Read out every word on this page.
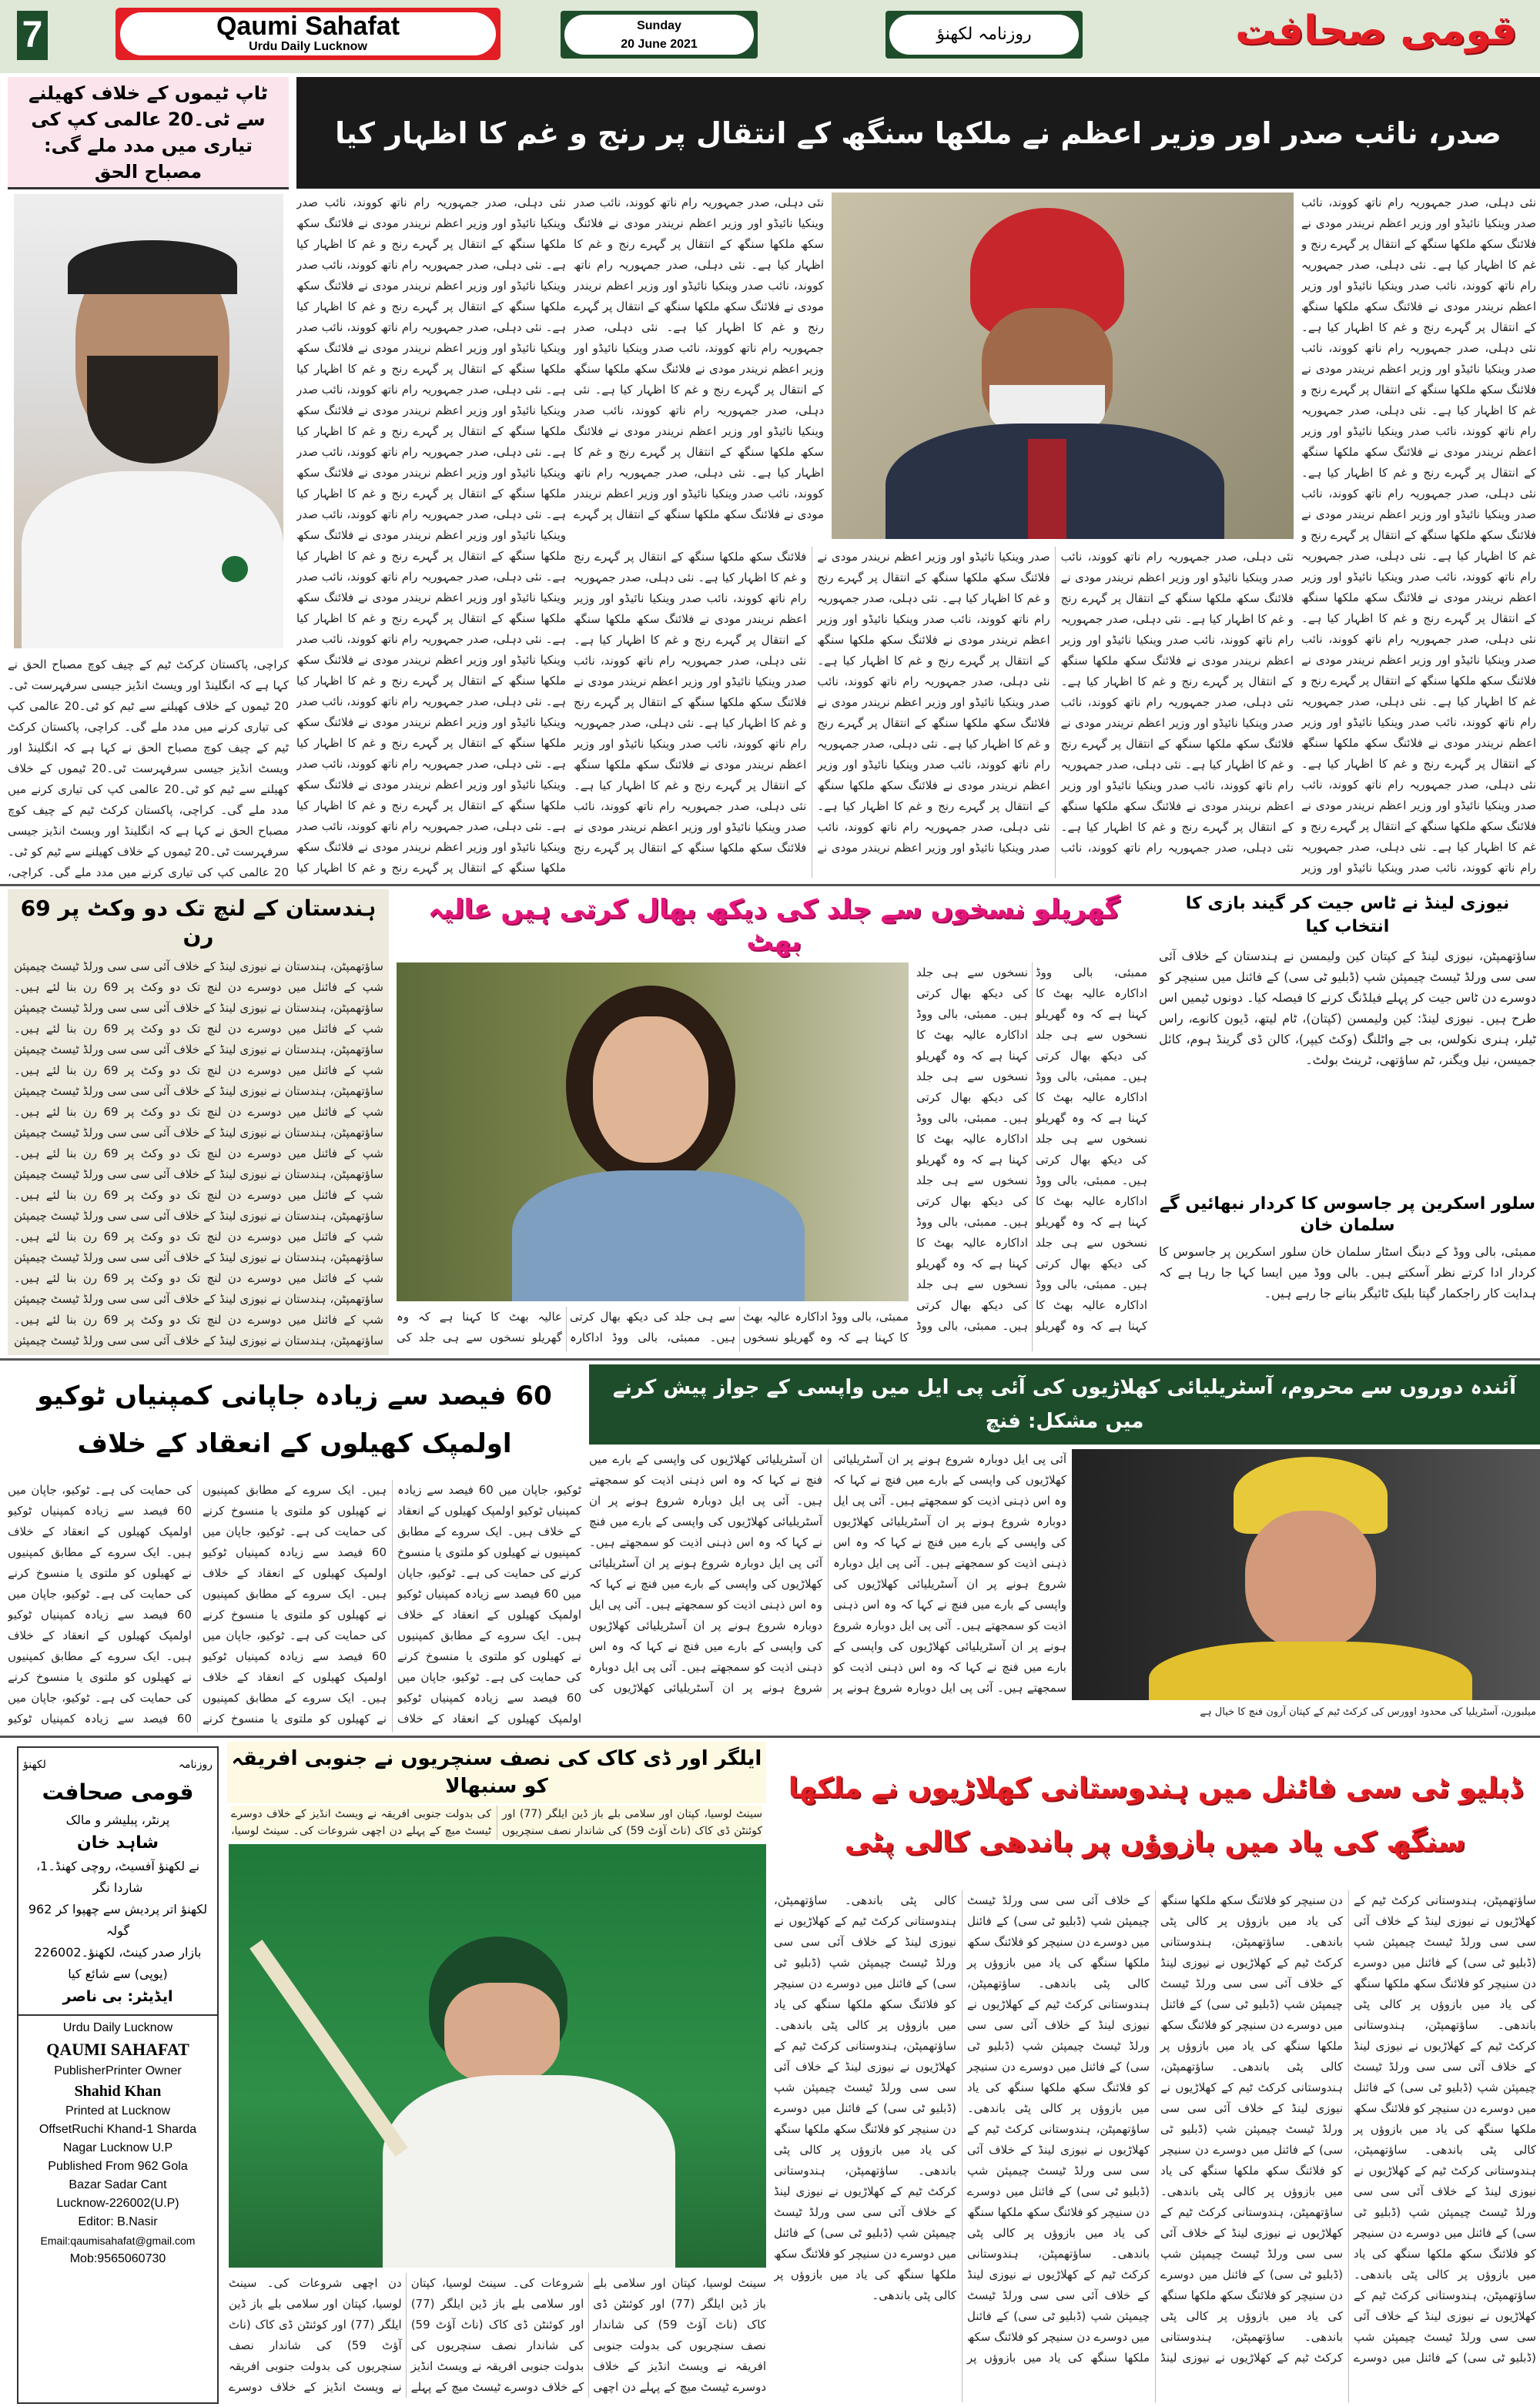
7	Qaumi Sahafat
Urdu Daily Lucknow
Sunday
20 June 2021
روزنامہ لکھنؤ	قومی صحافت
ٹاپ ٹیموں کے خلاف کھیلنے سے ٹی۔20 عالمی کپ کی تیاری میں مدد ملے گی: مصباح الحق
کراچی، پاکستان کرکٹ ٹیم کے چیف کوچ مصباح الحق نے کہا ہے کہ انگلینڈ اور ویسٹ انڈیز جیسی سرفہرست ٹی۔20 ٹیموں کے خلاف کھیلنے سے ٹیم کو ٹی۔20 عالمی کپ کی تیاری کرنے میں مدد ملے گی۔ کراچی، پاکستان کرکٹ ٹیم کے چیف کوچ مصباح الحق نے کہا ہے کہ انگلینڈ اور ویسٹ انڈیز جیسی سرفہرست ٹی۔20 ٹیموں کے خلاف کھیلنے سے ٹیم کو ٹی۔20 عالمی کپ کی تیاری کرنے میں مدد ملے گی۔ کراچی، پاکستان کرکٹ ٹیم کے چیف کوچ مصباح الحق نے کہا ہے کہ انگلینڈ اور ویسٹ انڈیز جیسی سرفہرست ٹی۔20 ٹیموں کے خلاف کھیلنے سے ٹیم کو ٹی۔20 عالمی کپ کی تیاری کرنے میں مدد ملے گی۔ کراچی،
صدر، نائب صدر اور وزیر اعظم نے ملکھا سنگھ کے انتقال پر رنج و غم کا اظہار کیا
نئی دہلی، صدر جمہوریہ رام ناتھ کووند، نائب صدر وینکیا نائیڈو اور وزیر اعظم نریندر مودی نے فلائنگ سکھ ملکھا سنگھ کے انتقال پر گہرے رنج و غم کا اظہار کیا ہے۔ نئی دہلی، صدر جمہوریہ رام ناتھ کووند، نائب صدر وینکیا نائیڈو اور وزیر اعظم نریندر مودی نے فلائنگ سکھ ملکھا سنگھ کے انتقال پر گہرے رنج و غم کا اظہار کیا ہے۔ نئی دہلی، صدر جمہوریہ رام ناتھ کووند، نائب صدر وینکیا نائیڈو اور وزیر اعظم نریندر مودی نے فلائنگ سکھ ملکھا سنگھ کے انتقال پر گہرے رنج و غم کا اظہار کیا ہے۔ نئی دہلی، صدر جمہوریہ رام ناتھ کووند، نائب صدر وینکیا نائیڈو اور وزیر اعظم نریندر مودی نے فلائنگ سکھ ملکھا سنگھ کے انتقال پر گہرے رنج و غم کا اظہار کیا ہے۔ نئی دہلی، صدر جمہوریہ رام ناتھ کووند، نائب صدر وینکیا نائیڈو اور وزیر اعظم نریندر مودی نے فلائنگ سکھ ملکھا سنگھ کے انتقال پر گہرے رنج و غم کا اظہار کیا ہے۔ نئی دہلی، صدر جمہوریہ رام ناتھ کووند، نائب صدر وینکیا نائیڈو اور وزیر اعظم نریندر مودی نے فلائنگ سکھ ملکھا سنگھ کے انتقال پر گہرے رنج و غم کا اظہار کیا ہے۔ نئی دہلی، صدر جمہوریہ رام ناتھ کووند، نائب صدر وینکیا نائیڈو اور وزیر اعظم نریندر مودی نے فلائنگ سکھ ملکھا سنگھ کے انتقال پر گہرے رنج و غم کا اظہار کیا ہے۔ نئی دہلی، صدر جمہوریہ رام ناتھ کووند، نائب صدر وینکیا نائیڈو اور وزیر اعظم نریندر مودی نے فلائنگ سکھ ملکھا سنگھ کے انتقال پر گہرے رنج و غم کا اظہار کیا ہے۔ نئی دہلی، صدر جمہوریہ رام ناتھ کووند، نائب صدر وینکیا نائیڈو اور وزیر اعظم نریندر مودی نے فلائنگ سکھ ملکھا سنگھ کے انتقال پر گہرے رنج و غم کا اظہار کیا ہے۔ نئی دہلی، صدر جمہوریہ رام ناتھ کووند، نائب صدر وینکیا نائیڈو اور وزیر
نئی دہلی، صدر جمہوریہ رام ناتھ کووند، نائب صدر وینکیا نائیڈو اور وزیر اعظم نریندر مودی نے فلائنگ سکھ ملکھا سنگھ کے انتقال پر گہرے رنج و غم کا اظہار کیا ہے۔ نئی دہلی، صدر جمہوریہ رام ناتھ کووند، نائب صدر وینکیا نائیڈو اور وزیر اعظم نریندر مودی نے فلائنگ سکھ ملکھا سنگھ کے انتقال پر گہرے رنج و غم کا اظہار کیا ہے۔ نئی دہلی، صدر جمہوریہ رام ناتھ کووند، نائب صدر وینکیا نائیڈو اور وزیر اعظم نریندر مودی نے فلائنگ سکھ ملکھا سنگھ کے انتقال پر گہرے رنج و غم کا اظہار کیا ہے۔ نئی دہلی، صدر جمہوریہ رام ناتھ کووند، نائب صدر وینکیا نائیڈو اور وزیر اعظم نریندر مودی نے فلائنگ سکھ ملکھا سنگھ کے انتقال پر گہرے رنج و غم کا اظہار کیا ہے۔ نئی دہلی، صدر جمہوریہ رام ناتھ کووند، نائب صدر وینکیا نائیڈو اور وزیر اعظم نریندر مودی نے فلائنگ سکھ ملکھا سنگھ کے انتقال پر گہرے
نئی دہلی، صدر جمہوریہ رام ناتھ کووند، نائب صدر وینکیا نائیڈو اور وزیر اعظم نریندر مودی نے فلائنگ سکھ ملکھا سنگھ کے انتقال پر گہرے رنج و غم کا اظہار کیا ہے۔ نئی دہلی، صدر جمہوریہ رام ناتھ کووند، نائب صدر وینکیا نائیڈو اور وزیر اعظم نریندر مودی نے فلائنگ سکھ ملکھا سنگھ کے انتقال پر گہرے رنج و غم کا اظہار کیا ہے۔ نئی دہلی، صدر جمہوریہ رام ناتھ کووند، نائب صدر وینکیا نائیڈو اور وزیر اعظم نریندر مودی نے فلائنگ سکھ ملکھا سنگھ کے انتقال پر گہرے رنج و غم کا اظہار کیا ہے۔ نئی دہلی، صدر جمہوریہ رام ناتھ کووند، نائب صدر وینکیا نائیڈو اور وزیر اعظم نریندر مودی نے فلائنگ سکھ ملکھا سنگھ کے انتقال پر گہرے رنج و غم کا اظہار کیا ہے۔ نئی دہلی، صدر جمہوریہ رام ناتھ کووند، نائب صدر وینکیا نائیڈو اور وزیر اعظم نریندر مودی نے فلائنگ سکھ ملکھا سنگھ کے انتقال پر گہرے رنج و غم کا اظہار کیا ہے۔ نئی دہلی، صدر جمہوریہ رام ناتھ کووند، نائب صدر وینکیا نائیڈو اور وزیر اعظم نریندر مودی نے فلائنگ سکھ ملکھا سنگھ کے انتقال پر گہرے رنج و غم کا اظہار کیا ہے۔ نئی دہلی، صدر جمہوریہ رام ناتھ کووند، نائب صدر وینکیا نائیڈو اور وزیر اعظم نریندر مودی نے فلائنگ سکھ ملکھا سنگھ کے انتقال پر گہرے رنج و غم کا اظہار کیا ہے۔ نئی دہلی، صدر جمہوریہ رام ناتھ کووند، نائب صدر وینکیا نائیڈو اور وزیر اعظم نریندر مودی نے فلائنگ سکھ ملکھا سنگھ کے انتقال پر گہرے رنج و غم کا اظہار کیا ہے۔ نئی دہلی، صدر جمہوریہ رام ناتھ کووند، نائب صدر وینکیا نائیڈو اور وزیر اعظم نریندر مودی نے فلائنگ سکھ ملکھا سنگھ کے انتقال پر گہرے رنج و غم کا اظہار کیا ہے۔ نئی دہلی، صدر جمہوریہ رام ناتھ کووند، نائب صدر وینکیا نائیڈو اور وزیر اعظم نریندر مودی نے فلائنگ سکھ ملکھا سنگھ کے انتقال پر گہرے رنج و غم کا اظہار کیا ہے۔ نئی دہلی، صدر جمہوریہ رام ناتھ کووند، نائب صدر وینکیا نائیڈو اور وزیر اعظم نریندر مودی نے فلائنگ سکھ ملکھا سنگھ کے انتقال پر گہرے رنج و غم کا اظہار کیا
نئی دہلی، صدر جمہوریہ رام ناتھ کووند، نائب صدر وینکیا نائیڈو اور وزیر اعظم نریندر مودی نے فلائنگ سکھ ملکھا سنگھ کے انتقال پر گہرے رنج و غم کا اظہار کیا ہے۔ نئی دہلی، صدر جمہوریہ رام ناتھ کووند، نائب صدر وینکیا نائیڈو اور وزیر اعظم نریندر مودی نے فلائنگ سکھ ملکھا سنگھ کے انتقال پر گہرے رنج و غم کا اظہار کیا ہے۔ نئی دہلی، صدر جمہوریہ رام ناتھ کووند، نائب صدر وینکیا نائیڈو اور وزیر اعظم نریندر مودی نے فلائنگ سکھ ملکھا سنگھ کے انتقال پر گہرے رنج و غم کا اظہار کیا ہے۔ نئی دہلی، صدر جمہوریہ رام ناتھ کووند، نائب صدر وینکیا نائیڈو اور وزیر اعظم نریندر مودی نے فلائنگ سکھ ملکھا سنگھ کے انتقال پر گہرے رنج و غم کا اظہار کیا ہے۔ نئی دہلی، صدر جمہوریہ رام ناتھ کووند، نائب صدر وینکیا نائیڈو اور وزیر اعظم نریندر مودی نے فلائنگ سکھ ملکھا سنگھ کے انتقال پر گہرے رنج و غم کا اظہار کیا ہے۔ نئی دہلی، صدر جمہوریہ رام ناتھ کووند، نائب صدر وینکیا نائیڈو اور وزیر اعظم نریندر مودی نے فلائنگ سکھ ملکھا سنگھ کے انتقال پر گہرے رنج و غم کا اظہار کیا ہے۔ نئی دہلی، صدر جمہوریہ رام ناتھ کووند، نائب صدر وینکیا نائیڈو اور وزیر اعظم نریندر مودی نے فلائنگ سکھ ملکھا سنگھ کے انتقال پر گہرے رنج و غم کا اظہار کیا ہے۔ نئی دہلی، صدر جمہوریہ رام ناتھ کووند، نائب صدر وینکیا نائیڈو اور وزیر اعظم نریندر مودی نے فلائنگ سکھ ملکھا سنگھ کے انتقال پر گہرے رنج و غم کا اظہار کیا ہے۔ نئی دہلی، صدر جمہوریہ رام ناتھ کووند، نائب صدر وینکیا نائیڈو اور وزیر اعظم نریندر مودی نے فلائنگ سکھ ملکھا سنگھ کے انتقال پر گہرے رنج و غم کا اظہار کیا ہے۔ نئی دہلی، صدر جمہوریہ رام ناتھ کووند، نائب صدر وینکیا نائیڈو اور وزیر اعظم نریندر مودی نے فلائنگ سکھ ملکھا سنگھ کے انتقال پر گہرے رنج و غم کا اظہار کیا ہے۔ نئی دہلی، صدر جمہوریہ رام ناتھ کووند، نائب صدر وینکیا نائیڈو اور وزیر اعظم نریندر مودی نے فلائنگ سکھ ملکھا سنگھ کے انتقال پر گہرے رنج و غم کا اظہار کیا ہے۔ نئی دہلی، صدر جمہوریہ رام ناتھ کووند، نائب صدر وینکیا نائیڈو اور وزیر اعظم نریندر مودی نے فلائنگ سکھ ملکھا سنگھ کے انتقال پر گہرے رنج و غم کا اظہار کیا ہے۔ نئی دہلی، صدر جمہوریہ رام ناتھ کووند، نائب صدر وینکیا نائیڈو اور وزیر اعظم نریندر مودی نے فلائنگ سکھ ملکھا سنگھ کے انتقال پر گہرے رنج
ہندستان کے لنچ تک دو وکٹ پر 69 رن
ساؤتھمپٹن، ہندستان نے نیوزی لینڈ کے خلاف آئی سی سی ورلڈ ٹیسٹ چیمپئن شپ کے فائنل میں دوسرے دن لنچ تک دو وکٹ پر 69 رن بنا لئے ہیں۔ ساؤتھمپٹن، ہندستان نے نیوزی لینڈ کے خلاف آئی سی سی ورلڈ ٹیسٹ چیمپئن شپ کے فائنل میں دوسرے دن لنچ تک دو وکٹ پر 69 رن بنا لئے ہیں۔ ساؤتھمپٹن، ہندستان نے نیوزی لینڈ کے خلاف آئی سی سی ورلڈ ٹیسٹ چیمپئن شپ کے فائنل میں دوسرے دن لنچ تک دو وکٹ پر 69 رن بنا لئے ہیں۔ ساؤتھمپٹن، ہندستان نے نیوزی لینڈ کے خلاف آئی سی سی ورلڈ ٹیسٹ چیمپئن شپ کے فائنل میں دوسرے دن لنچ تک دو وکٹ پر 69 رن بنا لئے ہیں۔ ساؤتھمپٹن، ہندستان نے نیوزی لینڈ کے خلاف آئی سی سی ورلڈ ٹیسٹ چیمپئن شپ کے فائنل میں دوسرے دن لنچ تک دو وکٹ پر 69 رن بنا لئے ہیں۔ ساؤتھمپٹن، ہندستان نے نیوزی لینڈ کے خلاف آئی سی سی ورلڈ ٹیسٹ چیمپئن شپ کے فائنل میں دوسرے دن لنچ تک دو وکٹ پر 69 رن بنا لئے ہیں۔ ساؤتھمپٹن، ہندستان نے نیوزی لینڈ کے خلاف آئی سی سی ورلڈ ٹیسٹ چیمپئن شپ کے فائنل میں دوسرے دن لنچ تک دو وکٹ پر 69 رن بنا لئے ہیں۔ ساؤتھمپٹن، ہندستان نے نیوزی لینڈ کے خلاف آئی سی سی ورلڈ ٹیسٹ چیمپئن شپ کے فائنل میں دوسرے دن لنچ تک دو وکٹ پر 69 رن بنا لئے ہیں۔ ساؤتھمپٹن، ہندستان نے نیوزی لینڈ کے خلاف آئی سی سی ورلڈ ٹیسٹ چیمپئن شپ کے فائنل میں دوسرے دن لنچ تک دو وکٹ پر 69 رن بنا لئے ہیں۔ ساؤتھمپٹن، ہندستان نے نیوزی لینڈ کے خلاف آئی سی سی ورلڈ ٹیسٹ چیمپئن
گھریلو نسخوں سے جلد کی دیکھ بھال کرتی ہیں عالیہ بھٹ
ممبئی، بالی ووڈ اداکارہ عالیہ بھٹ کا کہنا ہے کہ وہ گھریلو نسخوں سے ہی جلد کی دیکھ بھال کرتی ہیں۔ ممبئی، بالی ووڈ اداکارہ عالیہ بھٹ کا کہنا ہے کہ وہ گھریلو نسخوں سے ہی جلد کی دیکھ بھال کرتی ہیں۔ ممبئی، بالی ووڈ اداکارہ عالیہ بھٹ کا کہنا ہے کہ وہ گھریلو نسخوں سے ہی جلد کی دیکھ بھال کرتی ہیں۔ ممبئی، بالی ووڈ اداکارہ عالیہ بھٹ کا کہنا ہے کہ وہ گھریلو نسخوں سے ہی جلد کی دیکھ بھال کرتی ہیں۔ ممبئی، بالی ووڈ اداکارہ عالیہ بھٹ کا کہنا ہے کہ وہ گھریلو نسخوں سے ہی جلد کی دیکھ بھال کرتی ہیں۔ ممبئی، بالی ووڈ اداکارہ عالیہ بھٹ کا کہنا ہے کہ وہ گھریلو نسخوں سے ہی جلد کی دیکھ بھال کرتی ہیں۔ ممبئی، بالی ووڈ اداکارہ عالیہ بھٹ کا کہنا ہے کہ وہ گھریلو نسخوں سے ہی جلد کی دیکھ بھال کرتی ہیں۔ ممبئی، بالی ووڈ
ممبئی، بالی ووڈ اداکارہ عالیہ بھٹ کا کہنا ہے کہ وہ گھریلو نسخوں سے ہی جلد کی دیکھ بھال کرتی ہیں۔ ممبئی، بالی ووڈ اداکارہ عالیہ بھٹ کا کہنا ہے کہ وہ گھریلو نسخوں سے ہی جلد کی
نیوزی لینڈ نے ٹاس جیت کر گیند بازی کا انتخاب کیا
ساؤتھمپٹن، نیوزی لینڈ کے کپتان کین ولیمسن نے ہندستان کے خلاف آئی سی سی ورلڈ ٹیسٹ چیمپئن شپ (ڈبلیو ٹی سی) کے فائنل میں سنیچر کو دوسرے دن ٹاس جیت کر پہلے فیلڈنگ کرنے کا فیصلہ کیا۔ دونوں ٹیمیں اس طرح ہیں۔ نیوزی لینڈ: کین ولیمسن (کپتان)، ٹام لیتھ، ڈیون کانوے، راس ٹیلر، ہنری نکولس، بی جے واٹلنگ (وکٹ کیپر)، کالن ڈی گرینڈ ہوم، کائل جمیسن، نیل ویگنر، ٹم ساؤتھی، ٹرینٹ بولٹ۔
سلور اسکرین پر جاسوس کا کردار نبھائیں گے سلمان خان
ممبئی، بالی ووڈ کے دبنگ اسٹار سلمان خان سلور اسکرین پر جاسوس کا کردار ادا کرتے نظر آسکتے ہیں۔ بالی ووڈ میں ایسا کہا جا رہا ہے کہ ہدایت کار راجکمار گپتا بلیک ٹائیگر بنانے جا رہے ہیں۔
60 فیصد سے زیادہ جاپانی کمپنیاں ٹوکیو اولمپک کھیلوں کے انعقاد کے خلاف
ٹوکیو، جاپان میں 60 فیصد سے زیادہ کمپنیاں ٹوکیو اولمپک کھیلوں کے انعقاد کے خلاف ہیں۔ ایک سروے کے مطابق کمپنیوں نے کھیلوں کو ملتوی یا منسوخ کرنے کی حمایت کی ہے۔ ٹوکیو، جاپان میں 60 فیصد سے زیادہ کمپنیاں ٹوکیو اولمپک کھیلوں کے انعقاد کے خلاف ہیں۔ ایک سروے کے مطابق کمپنیوں نے کھیلوں کو ملتوی یا منسوخ کرنے کی حمایت کی ہے۔ ٹوکیو، جاپان میں 60 فیصد سے زیادہ کمپنیاں ٹوکیو اولمپک کھیلوں کے انعقاد کے خلاف ہیں۔ ایک سروے کے مطابق کمپنیوں نے کھیلوں کو ملتوی یا منسوخ کرنے کی حمایت کی ہے۔ ٹوکیو، جاپان میں 60 فیصد سے زیادہ کمپنیاں ٹوکیو اولمپک کھیلوں کے انعقاد کے خلاف ہیں۔ ایک سروے کے مطابق کمپنیوں نے کھیلوں کو ملتوی یا منسوخ کرنے کی حمایت کی ہے۔ ٹوکیو، جاپان میں 60 فیصد سے زیادہ کمپنیاں ٹوکیو اولمپک کھیلوں کے انعقاد کے خلاف ہیں۔ ایک سروے کے مطابق کمپنیوں نے کھیلوں کو ملتوی یا منسوخ کرنے کی حمایت کی ہے۔ ٹوکیو، جاپان میں 60 فیصد سے زیادہ کمپنیاں ٹوکیو اولمپک کھیلوں کے انعقاد کے خلاف ہیں۔ ایک سروے کے مطابق کمپنیوں نے کھیلوں کو ملتوی یا منسوخ کرنے کی حمایت کی ہے۔ ٹوکیو، جاپان میں 60 فیصد سے زیادہ کمپنیاں ٹوکیو اولمپک کھیلوں کے انعقاد کے خلاف ہیں۔ ایک سروے کے مطابق کمپنیوں نے کھیلوں کو ملتوی یا منسوخ کرنے کی حمایت کی ہے۔ ٹوکیو، جاپان میں 60 فیصد سے زیادہ کمپنیاں ٹوکیو
آئندہ دوروں سے محروم، آسٹریلیائی کھلاڑیوں کی آئی پی ایل میں واپسی کے جواز پیش کرنے میں مشکل: فنچ
آئی پی ایل دوبارہ شروع ہونے پر ان آسٹریلیائی کھلاڑیوں کی واپسی کے بارے میں فنچ نے کہا کہ وہ اس ذہنی اذیت کو سمجھتے ہیں۔ آئی پی ایل دوبارہ شروع ہونے پر ان آسٹریلیائی کھلاڑیوں کی واپسی کے بارے میں فنچ نے کہا کہ وہ اس ذہنی اذیت کو سمجھتے ہیں۔ آئی پی ایل دوبارہ شروع ہونے پر ان آسٹریلیائی کھلاڑیوں کی واپسی کے بارے میں فنچ نے کہا کہ وہ اس ذہنی اذیت کو سمجھتے ہیں۔ آئی پی ایل دوبارہ شروع ہونے پر ان آسٹریلیائی کھلاڑیوں کی واپسی کے بارے میں فنچ نے کہا کہ وہ اس ذہنی اذیت کو سمجھتے ہیں۔ آئی پی ایل دوبارہ شروع ہونے پر ان آسٹریلیائی کھلاڑیوں کی واپسی کے بارے میں فنچ نے کہا کہ وہ اس ذہنی اذیت کو سمجھتے ہیں۔ آئی پی ایل دوبارہ شروع ہونے پر ان آسٹریلیائی کھلاڑیوں کی واپسی کے بارے میں فنچ نے کہا کہ وہ اس ذہنی اذیت کو سمجھتے ہیں۔ آئی پی ایل دوبارہ شروع ہونے پر ان آسٹریلیائی کھلاڑیوں کی واپسی کے بارے میں فنچ نے کہا کہ وہ اس ذہنی اذیت کو سمجھتے ہیں۔ آئی پی ایل دوبارہ شروع ہونے پر ان آسٹریلیائی کھلاڑیوں کی واپسی کے بارے میں فنچ نے کہا کہ وہ اس ذہنی اذیت کو سمجھتے ہیں۔ آئی پی ایل دوبارہ شروع ہونے پر ان آسٹریلیائی کھلاڑیوں کی
میلبورن، آسٹریلیا کی محدود اوورس کی کرکٹ ٹیم کے کپتان آرون فنچ کا خیال ہے
روزنامہ
لکھنؤ
قومی صحافت
پرنٹر، پبلیشر و مالک
شاہد خان
نے لکھنؤ آفسیٹ، روچی کھنڈ۔1، شاردا نگر
لکھنؤ اتر پردیش سے چھپوا کر 962 گولہ
بازار صدر کینٹ، لکھنؤ۔226002
(یوپی) سے شائع کیا
ایڈیٹر: بی ناصر
Urdu Daily Lucknow
QAUMI SAHAFAT
PublisherPrinter Owner
Shahid Khan
Printed at Lucknow
OffsetRuchi Khand-1 Sharda
Nagar Lucknow U.P
Published From 962 Gola
Bazar Sadar Cant
Lucknow-226002(U.P)
Editor: B.Nasir
Email:qaumisahafat@gmail.com
Mob:9565060730
ایلگر اور ڈی کاک کی نصف سنچریوں نے جنوبی افریقہ کو سنبھالا
سینٹ لوسیا، کپتان اور سلامی بلے باز ڈین ایلگر (77) اور کوئنٹن ڈی کاک (ناٹ آؤٹ 59) کی شاندار نصف سنچریوں کی بدولت جنوبی افریقہ نے ویسٹ انڈیز کے خلاف دوسرے ٹیسٹ میچ کے پہلے دن اچھی شروعات کی۔ سینٹ لوسیا،
سینٹ لوسیا، کپتان اور سلامی بلے باز ڈین ایلگر (77) اور کوئنٹن ڈی کاک (ناٹ آؤٹ 59) کی شاندار نصف سنچریوں کی بدولت جنوبی افریقہ نے ویسٹ انڈیز کے خلاف دوسرے ٹیسٹ میچ کے پہلے دن اچھی شروعات کی۔ سینٹ لوسیا، کپتان اور سلامی بلے باز ڈین ایلگر (77) اور کوئنٹن ڈی کاک (ناٹ آؤٹ 59) کی شاندار نصف سنچریوں کی بدولت جنوبی افریقہ نے ویسٹ انڈیز کے خلاف دوسرے ٹیسٹ میچ کے پہلے دن اچھی شروعات کی۔ سینٹ لوسیا، کپتان اور سلامی بلے باز ڈین ایلگر (77) اور کوئنٹن ڈی کاک (ناٹ آؤٹ 59) کی شاندار نصف سنچریوں کی بدولت جنوبی افریقہ نے ویسٹ انڈیز کے خلاف دوسرے
ڈبلیو ٹی سی فائنل میں ہندوستانی کھلاڑیوں نے ملکھا سنگھ کی یاد میں بازوؤں پر باندھی کالی پٹی
ساؤتھمپٹن، ہندوستانی کرکٹ ٹیم کے کھلاڑیوں نے نیوزی لینڈ کے خلاف آئی سی سی ورلڈ ٹیسٹ چیمپئن شپ (ڈبلیو ٹی سی) کے فائنل میں دوسرے دن سنیچر کو فلائنگ سکھ ملکھا سنگھ کی یاد میں بازوؤں پر کالی پٹی باندھی۔ ساؤتھمپٹن، ہندوستانی کرکٹ ٹیم کے کھلاڑیوں نے نیوزی لینڈ کے خلاف آئی سی سی ورلڈ ٹیسٹ چیمپئن شپ (ڈبلیو ٹی سی) کے فائنل میں دوسرے دن سنیچر کو فلائنگ سکھ ملکھا سنگھ کی یاد میں بازوؤں پر کالی پٹی باندھی۔ ساؤتھمپٹن، ہندوستانی کرکٹ ٹیم کے کھلاڑیوں نے نیوزی لینڈ کے خلاف آئی سی سی ورلڈ ٹیسٹ چیمپئن شپ (ڈبلیو ٹی سی) کے فائنل میں دوسرے دن سنیچر کو فلائنگ سکھ ملکھا سنگھ کی یاد میں بازوؤں پر کالی پٹی باندھی۔ ساؤتھمپٹن، ہندوستانی کرکٹ ٹیم کے کھلاڑیوں نے نیوزی لینڈ کے خلاف آئی سی سی ورلڈ ٹیسٹ چیمپئن شپ (ڈبلیو ٹی سی) کے فائنل میں دوسرے دن سنیچر کو فلائنگ سکھ ملکھا سنگھ کی یاد میں بازوؤں پر کالی پٹی باندھی۔ ساؤتھمپٹن، ہندوستانی کرکٹ ٹیم کے کھلاڑیوں نے نیوزی لینڈ کے خلاف آئی سی سی ورلڈ ٹیسٹ چیمپئن شپ (ڈبلیو ٹی سی) کے فائنل میں دوسرے دن سنیچر کو فلائنگ سکھ ملکھا سنگھ کی یاد میں بازوؤں پر کالی پٹی باندھی۔ ساؤتھمپٹن، ہندوستانی کرکٹ ٹیم کے کھلاڑیوں نے نیوزی لینڈ کے خلاف آئی سی سی ورلڈ ٹیسٹ چیمپئن شپ (ڈبلیو ٹی سی) کے فائنل میں دوسرے دن سنیچر کو فلائنگ سکھ ملکھا سنگھ کی یاد میں بازوؤں پر کالی پٹی باندھی۔ ساؤتھمپٹن، ہندوستانی کرکٹ ٹیم کے کھلاڑیوں نے نیوزی لینڈ کے خلاف آئی سی سی ورلڈ ٹیسٹ چیمپئن شپ (ڈبلیو ٹی سی) کے فائنل میں دوسرے دن سنیچر کو فلائنگ سکھ ملکھا سنگھ کی یاد میں بازوؤں پر کالی پٹی باندھی۔ ساؤتھمپٹن، ہندوستانی کرکٹ ٹیم کے کھلاڑیوں نے نیوزی لینڈ کے خلاف آئی سی سی ورلڈ ٹیسٹ چیمپئن شپ (ڈبلیو ٹی سی) کے فائنل میں دوسرے دن سنیچر کو فلائنگ سکھ ملکھا سنگھ کی یاد میں بازوؤں پر کالی پٹی باندھی۔ ساؤتھمپٹن، ہندوستانی کرکٹ ٹیم کے کھلاڑیوں نے نیوزی لینڈ کے خلاف آئی سی سی ورلڈ ٹیسٹ چیمپئن شپ (ڈبلیو ٹی سی) کے فائنل میں دوسرے دن سنیچر کو فلائنگ سکھ ملکھا سنگھ کی یاد میں بازوؤں پر کالی پٹی باندھی۔ ساؤتھمپٹن، ہندوستانی کرکٹ ٹیم کے کھلاڑیوں نے نیوزی لینڈ کے خلاف آئی سی سی ورلڈ ٹیسٹ چیمپئن شپ (ڈبلیو ٹی سی) کے فائنل میں دوسرے دن سنیچر کو فلائنگ سکھ ملکھا سنگھ کی یاد میں بازوؤں پر کالی پٹی باندھی۔ ساؤتھمپٹن، ہندوستانی کرکٹ ٹیم کے کھلاڑیوں نے نیوزی لینڈ کے خلاف آئی سی سی ورلڈ ٹیسٹ چیمپئن شپ (ڈبلیو ٹی سی) کے فائنل میں دوسرے دن سنیچر کو فلائنگ سکھ ملکھا سنگھ کی یاد میں بازوؤں پر کالی پٹی باندھی۔ ساؤتھمپٹن، ہندوستانی کرکٹ ٹیم کے کھلاڑیوں نے نیوزی لینڈ کے خلاف آئی سی سی ورلڈ ٹیسٹ چیمپئن شپ (ڈبلیو ٹی سی) کے فائنل میں دوسرے دن سنیچر کو فلائنگ سکھ ملکھا سنگھ کی یاد میں بازوؤں پر کالی پٹی باندھی۔ ساؤتھمپٹن، ہندوستانی کرکٹ ٹیم کے کھلاڑیوں نے نیوزی لینڈ کے خلاف آئی سی سی ورلڈ ٹیسٹ چیمپئن شپ (ڈبلیو ٹی سی) کے فائنل میں دوسرے دن سنیچر کو فلائنگ سکھ ملکھا سنگھ کی یاد میں بازوؤں پر کالی پٹی باندھی۔ ساؤتھمپٹن، ہندوستانی کرکٹ ٹیم کے کھلاڑیوں نے نیوزی لینڈ کے خلاف آئی سی سی ورلڈ ٹیسٹ چیمپئن شپ (ڈبلیو ٹی سی) کے فائنل میں دوسرے دن سنیچر کو فلائنگ سکھ ملکھا سنگھ کی یاد میں بازوؤں پر کالی پٹی باندھی۔
